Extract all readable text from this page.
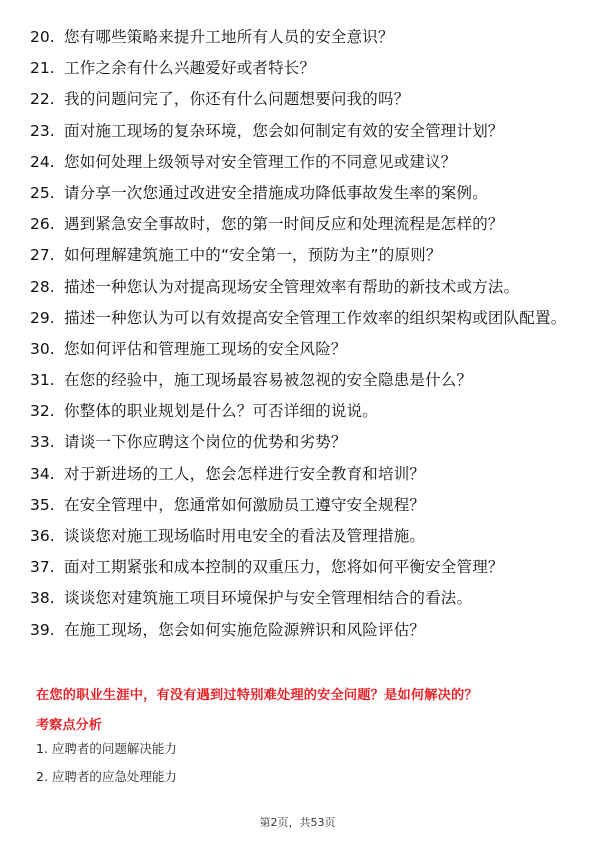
20. 您有哪些策略来提升工地所有人员的安全意识？
21. 工作之余有什么兴趣爱好或者特长？
22. 我的问题问完了，你还有什么问题想要问我的吗？
23. 面对施工现场的复杂环境，您会如何制定有效的安全管理计划？
24. 您如何处理上级领导对安全管理工作的不同意见或建议？
25. 请分享一次您通过改进安全措施成功降低事故发生率的案例。
26. 遇到紧急安全事故时，您的第一时间反应和处理流程是怎样的？
27. 如何理解建筑施工中的“安全第一，预防为主”的原则？
28. 描述一种您认为对提高现场安全管理效率有帮助的新技术或方法。
29. 描述一种您认为可以有效提高安全管理工作效率的组织架构或团队配置。
30. 您如何评估和管理施工现场的安全风险？
31. 在您的经验中，施工现场最容易被忽视的安全隐患是什么？
32. 你整体的职业规划是什么？可否详细的说说。
33. 请谈一下你应聘这个岗位的优势和劣势？
34. 对于新进场的工人，您会怎样进行安全教育和培训？
35. 在安全管理中，您通常如何激励员工遵守安全规程？
36. 谈谈您对施工现场临时用电安全的看法及管理措施。
37. 面对工期紧张和成本控制的双重压力，您将如何平衡安全管理？
38. 谈谈您对建筑施工项目环境保护与安全管理相结合的看法。
39. 在施工现场，您会如何实施危险源辨识和风险评估？
在您的职业生涯中，有没有遇到过特别难处理的安全问题？是如何解决的？
考察点分析
1. 应聘者的问题解决能力
2. 应聘者的应急处理能力
第2页，共53页
